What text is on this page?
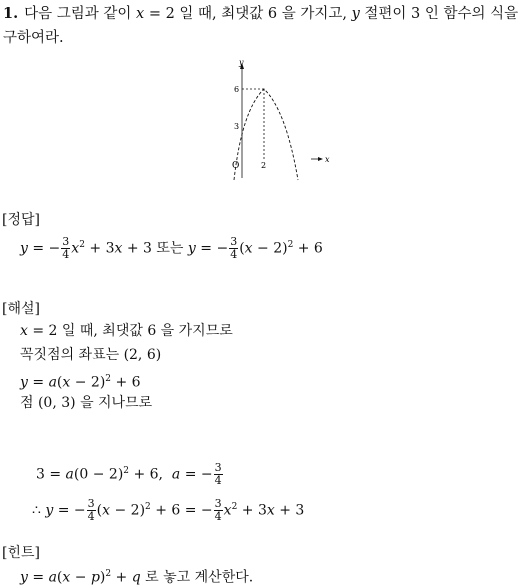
1. 다음 그림과 같이 x = 2 일 때, 최댓값 6 을 가지고, y 절편이 3 인 함수의 식을 구하여라.
y
x
O
6
3
2
[정답]
y = − $\frac{3}{4} x^2 + 3x + 3$ 또는 y = − $\frac{3}{4} (x - 2)^2 + 6$
[해설]
x = 2 일 때, 최댓값 6 을 가지므로
꼭짓점의 좌표는 (2, 6)
$y = a(x - 2)^2 + 6$
점 (0, 3) 을 지나므로
$3 = a(0 - 2)^2 + 6$,  a = − $\frac{3}{4}$
∴ y = − $\frac{3}{4} (x - 2)^2 + 6$ = − $\frac{3}{4} x^2 + 3x + 3$
[힌트]
$y = a(x - p)^2 + q$ 로 놓고 계산한다.
